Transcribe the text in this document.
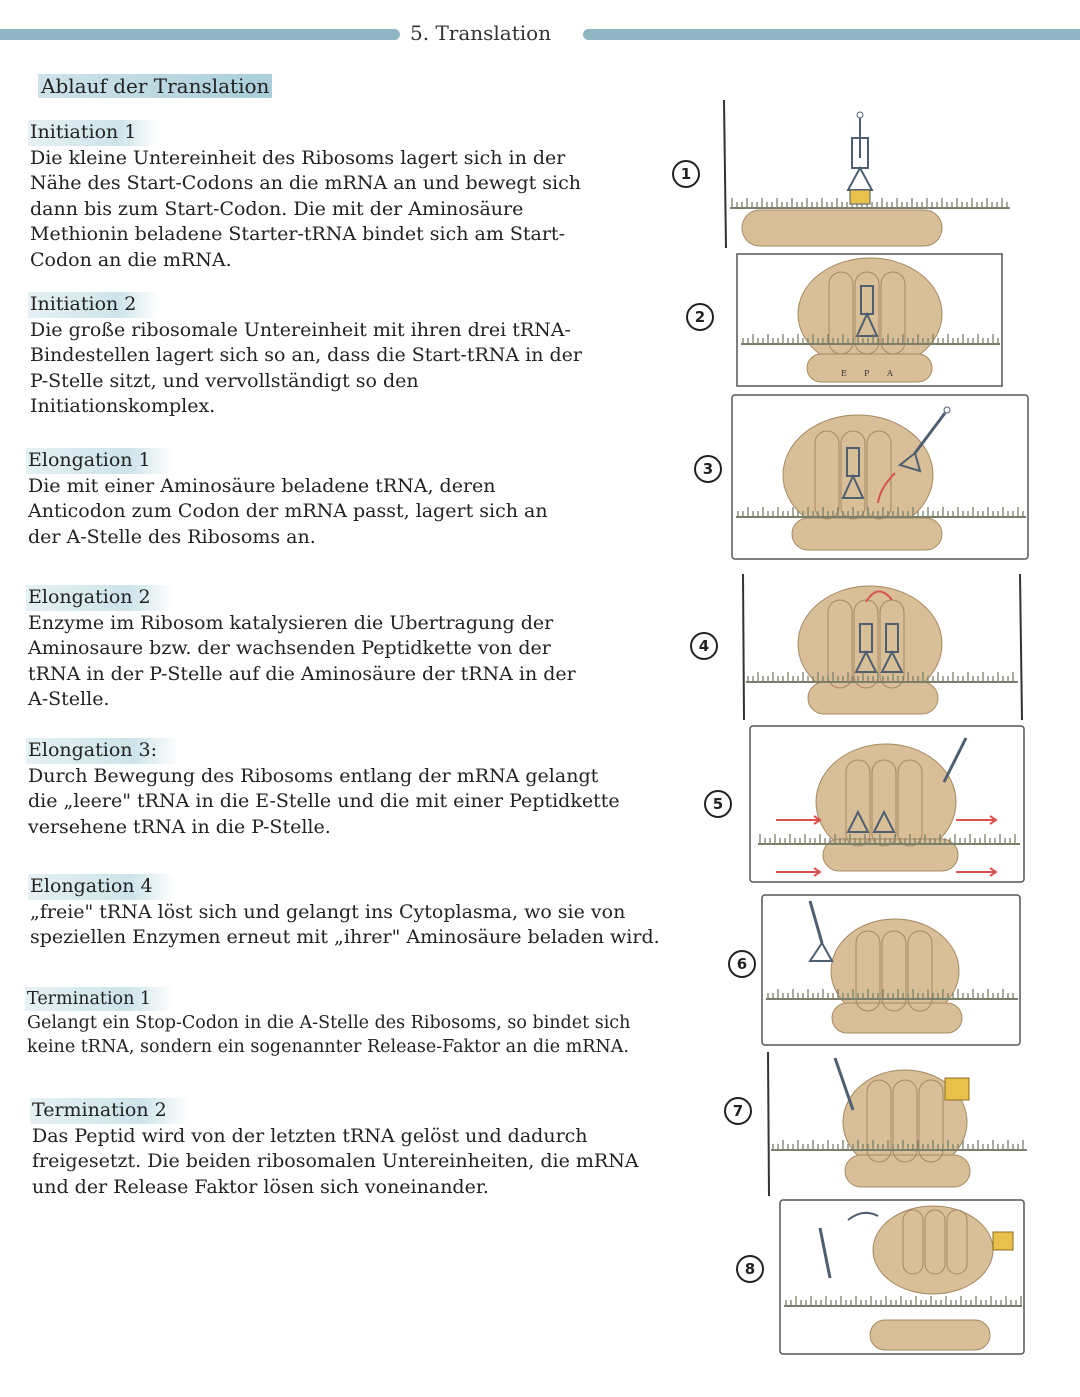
5. Translation
Ablauf der Translation
Initiation 1
Die kleine Untereinheit des Ribosoms lagert sich in der
Nähe des Start-Codons an die mRNA an und bewegt sich
dann bis zum Start-Codon. Die mit der Aminosäure
Methionin beladene Starter-tRNA bindet sich am Start-
Codon an die mRNA.
Initiation 2
Die große ribosomale Untereinheit mit ihren drei tRNA-
Bindestellen lagert sich so an, dass die Start-tRNA in der
P-Stelle sitzt, und vervollständigt so den
Initiationskomplex.
Elongation 1
Die mit einer Aminosäure beladene tRNA, deren
Anticodon zum Codon der mRNA passt, lagert sich an
der A-Stelle des Ribosoms an.
Elongation 2
Enzyme im Ribosom katalysieren die Ubertragung der
Aminosaure bzw. der wachsenden Peptidkette von der
tRNA in der P-Stelle auf die Aminosäure der tRNA in der
A-Stelle.
Elongation 3:
Durch Bewegung des Ribosoms entlang der mRNA gelangt
die „leere" tRNA in die E-Stelle und die mit einer Peptidkette
versehene tRNA in die P-Stelle.
Elongation 4
„freie" tRNA löst sich und gelangt ins Cytoplasma, wo sie von
speziellen Enzymen erneut mit „ihrer" Aminosäure beladen wird.
Termination 1
Gelangt ein Stop-Codon in die A-Stelle des Ribosoms, so bindet sich
keine tRNA, sondern ein sogenannter Release-Faktor an die mRNA.
Termination 2
Das Peptid wird von der letzten tRNA gelöst und dadurch
freigesetzt. Die beiden ribosomalen Untereinheiten, die mRNA
und der Release Faktor lösen sich voneinander.
1
2
3
4
5
6
7
8
E P A
